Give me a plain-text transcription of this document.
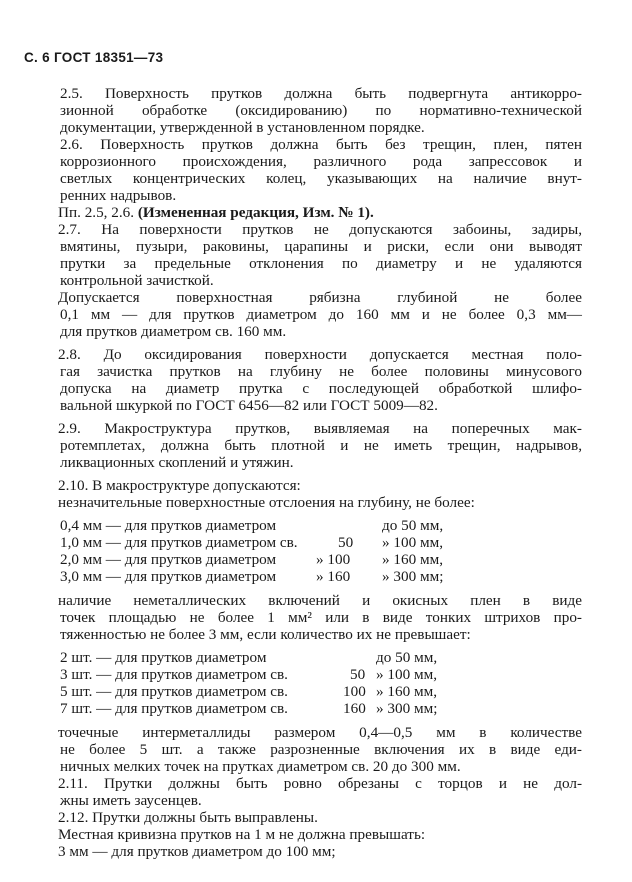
С. 6 ГОСТ 18351—73
2.5. Поверхность прутков должна быть подвергнута антикорро-
зионной обработке (оксидированию) по нормативно-технической
документации, утвержденной в установленном порядке.
2.6. Поверхность прутков должна быть без трещин, плен, пятен
коррозионного происхождения, различного рода запрессовок и
светлых концентрических колец, указывающих на наличие внут-
ренних надрывов.
Пп. 2.5, 2.6. (Измененная редакция, Изм. № 1).
2.7. На поверхности прутков не допускаются забоины, задиры,
вмятины, пузыри, раковины, царапины и риски, если они выводят
прутки за предельные отклонения по диаметру и не удаляются
контрольной зачисткой.
Допускается поверхностная рябизна глубиной не более
0,1 мм — для прутков диаметром до 160 мм и не более 0,3 мм—
для прутков диаметром св. 160 мм.
2.8. До оксидирования поверхности допускается местная поло-
гая зачистка прутков на глубину не более половины минусового
допуска на диаметр прутка с последующей обработкой шлифо-
вальной шкуркой по ГОСТ 6456—82 или ГОСТ 5009—82.
2.9. Макроструктура прутков, выявляемая на поперечных мак-
ротемплетах, должна быть плотной и не иметь трещин, надрывов,
ликвационных скоплений и утяжин.
2.10. В макроструктуре допускаются:
незначительные поверхностные отслоения на глубину, не более:
0,4 мм — для прутков диаметром	до 50 мм,
1,0 мм — для прутков диаметром св.	50 » 100 мм,
2,0 мм — для прутков диаметром	» 100 » 160 мм,
3,0 мм — для прутков диаметром	» 160 » 300 мм;
наличие неметаллических включений и окисных плен в виде
точек площадью не более 1 мм² или в виде тонких штрихов про-
тяженностью не более 3 мм, если количество их не превышает:
2 шт. — для прутков диаметром	до 50 мм,
3 шт. — для прутков диаметром св.	50 » 100 мм,
5 шт. — для прутков диаметром св.	100 » 160 мм,
7 шт. — для прутков диаметром св.	160 » 300 мм;
точечные интерметаллиды размером 0,4—0,5 мм в количестве
не более 5 шт. а также разрозненные включения их в виде еди-
ничных мелких точек на прутках диаметром св. 20 до 300 мм.
2.11. Прутки должны быть ровно обрезаны с торцов и не дол-
жны иметь заусенцев.
2.12. Прутки должны быть выправлены.
Местная кривизна прутков на 1 м не должна превышать:
3 мм — для прутков диаметром до 100 мм;
